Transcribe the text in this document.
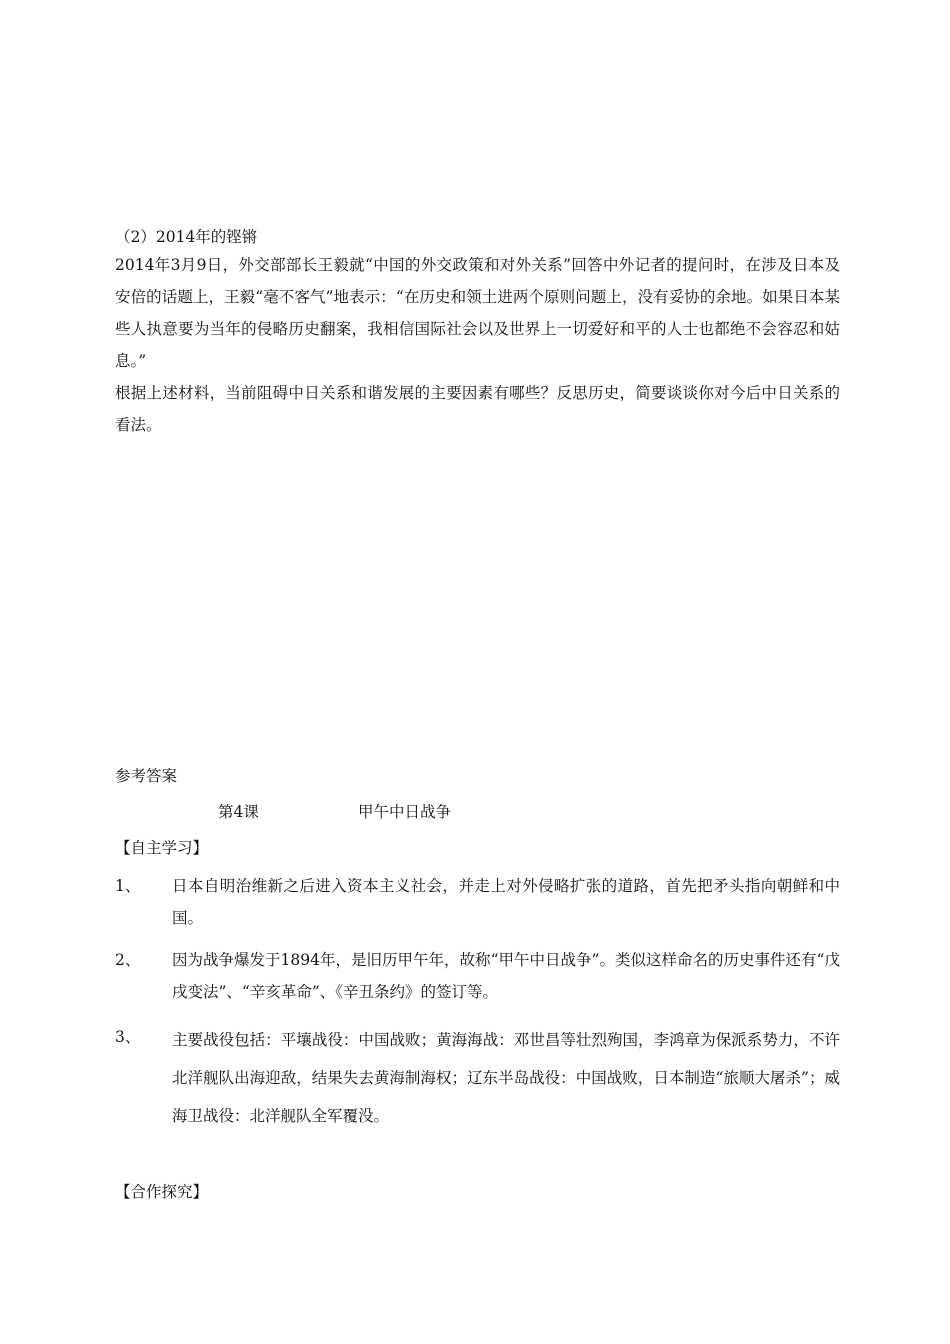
（2）2014年的铿锵
2014年3月9日，外交部部长王毅就“中国的外交政策和对外关系”回答中外记者的提问时，在涉及日本及安倍的话题上，王毅“毫不客气”地表示：“在历史和领土进两个原则问题上，没有妥协的余地。如果日本某些人执意要为当年的侵略历史翻案，我相信国际社会以及世界上一切爱好和平的人士也都绝不会容忍和姑息。”
根据上述材料，当前阻碍中日关系和谐发展的主要因素有哪些？反思历史，简要谈谈你对今后中日关系的看法。
参考答案
第4课	甲午中日战争
【自主学习】
1、	日本自明治维新之后进入资本主义社会，并走上对外侵略扩张的道路，首先把矛头指向朝鲜和中国。
2、	因为战争爆发于1894年，是旧历甲午年，故称“甲午中日战争”。类似这样命名的历史事件还有“戊戌变法”、“辛亥革命”、《辛丑条约》的签订等。
3、	主要战役包括：平壤战役：中国战败；黄海海战：邓世昌等壮烈殉国，李鸿章为保派系势力，不许北洋舰队出海迎敌，结果失去黄海制海权；辽东半岛战役：中国战败，日本制造“旅顺大屠杀”；威海卫战役：北洋舰队全军覆没。
【合作探究】
